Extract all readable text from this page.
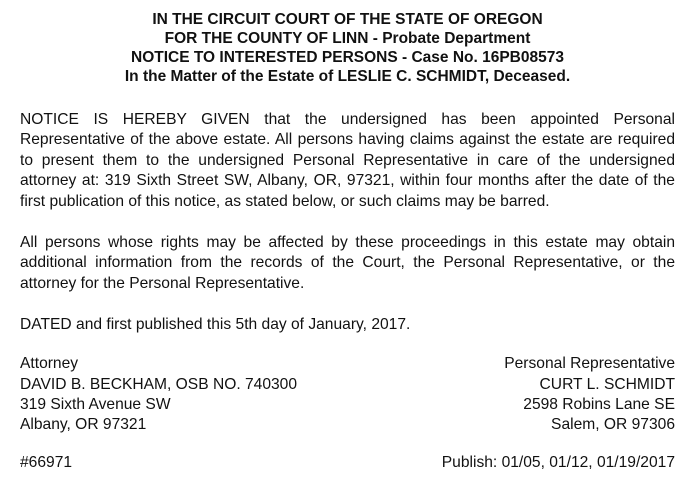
IN THE CIRCUIT COURT OF THE STATE OF OREGON
FOR THE COUNTY OF LINN - Probate Department
NOTICE TO INTERESTED PERSONS - Case No. 16PB08573
In the Matter of the Estate of LESLIE C. SCHMIDT, Deceased.

NOTICE IS HEREBY GIVEN that the undersigned has been appointed Personal Representative of the above estate. All persons having claims against the estate are required to present them to the undersigned Personal Representative in care of the undersigned attorney at: 319 Sixth Street SW, Albany, OR, 97321, within four months after the date of the first publication of this notice, as stated below, or such claims may be barred.

All persons whose rights may be affected by these proceedings in this estate may obtain additional information from the records of the Court, the Personal Representative, or the attorney for the Personal Representative.

DATED and first published this 5th day of January, 2017.
Attorney
DAVID B. BECKHAM, OSB NO. 740300
319 Sixth Avenue SW
Albany, OR 97321
Personal Representative
CURT L. SCHMIDT
2598 Robins Lane SE
Salem, OR 97306
#66971	Publish: 01/05, 01/12, 01/19/2017
